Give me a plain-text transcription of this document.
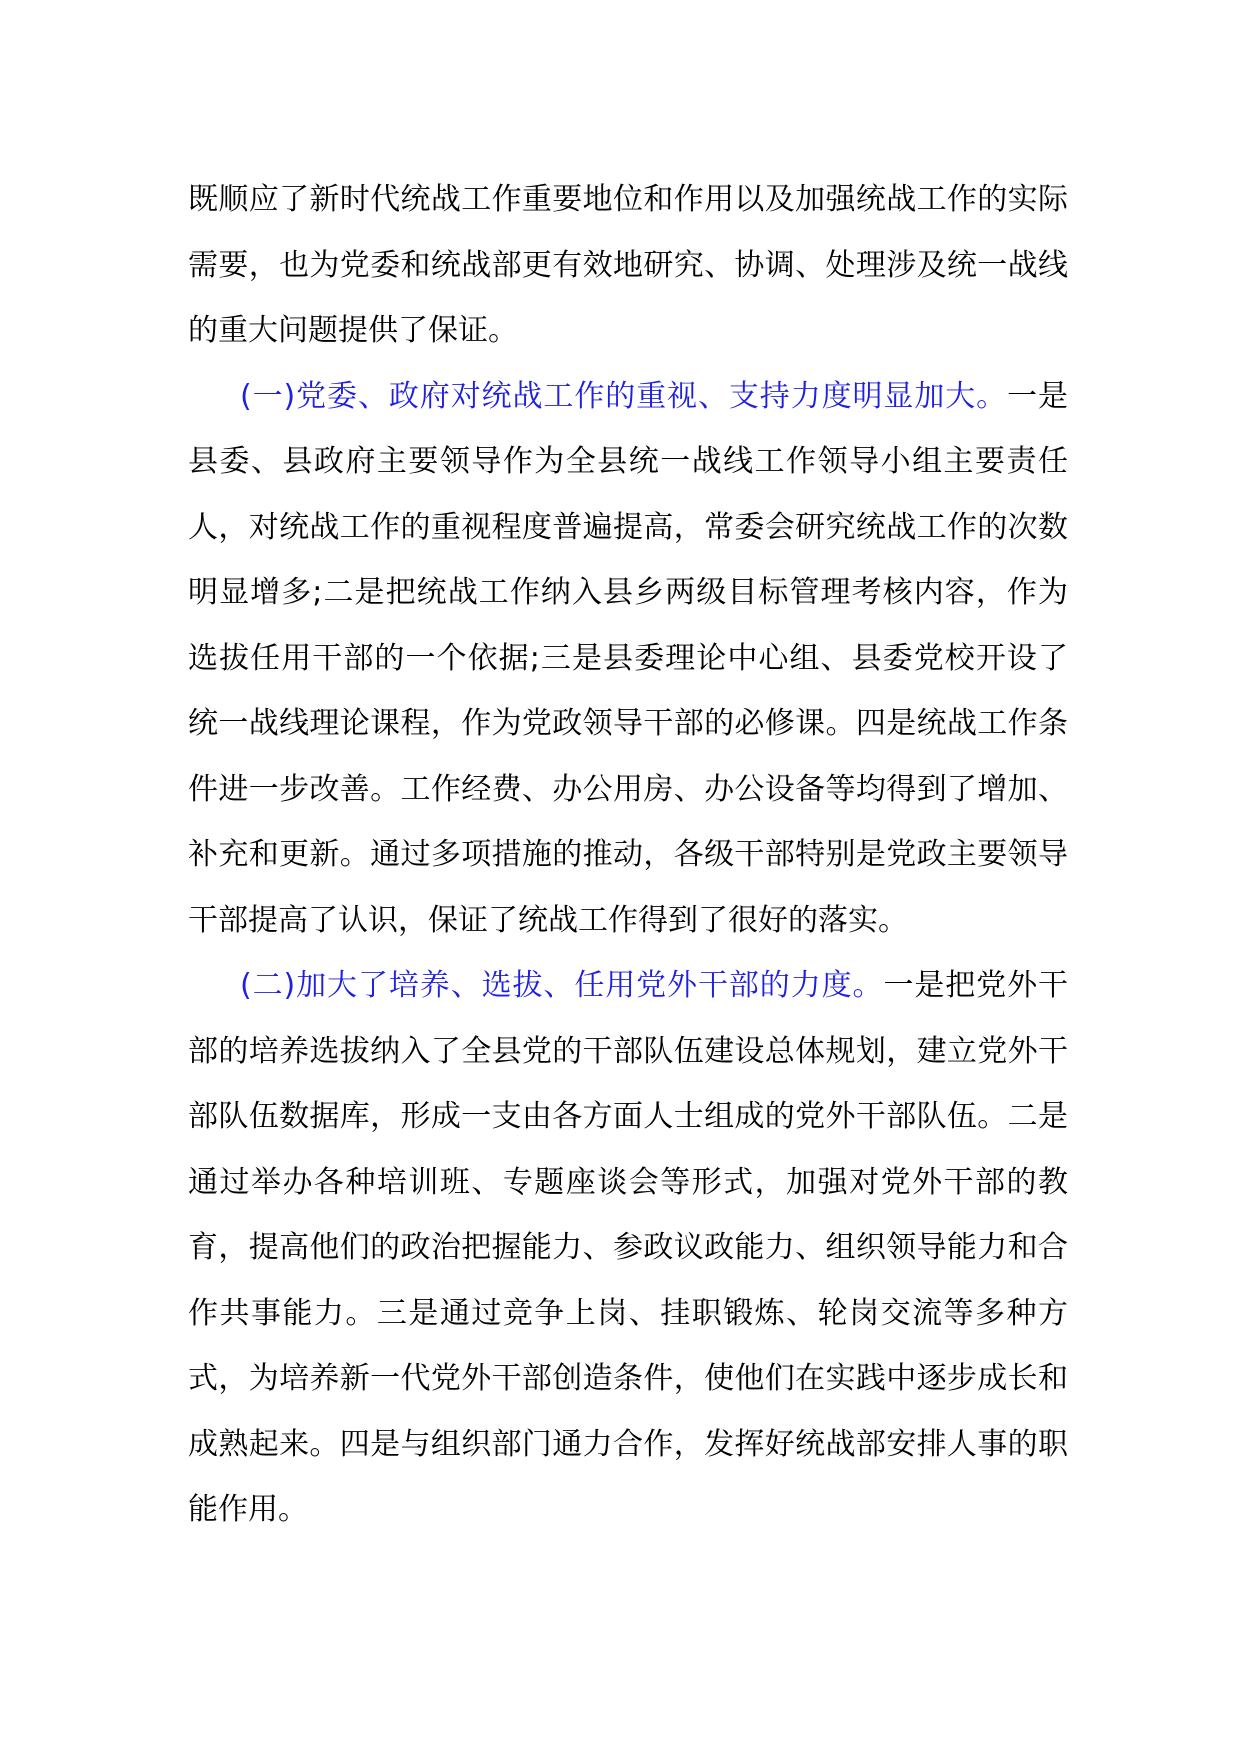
既顺应了新时代统战工作重要地位和作用以及加强统战工作的实际需要，也为党委和统战部更有效地研究、协调、处理涉及统一战线的重大问题提供了保证。

(一)党委、政府对统战工作的重视、支持力度明显加大。一是县委、县政府主要领导作为全县统一战线工作领导小组主要责任人，对统战工作的重视程度普遍提高，常委会研究统战工作的次数明显增多;二是把统战工作纳入县乡两级目标管理考核内容，作为选拔任用干部的一个依据;三是县委理论中心组、县委党校开设了统一战线理论课程，作为党政领导干部的必修课。四是统战工作条件进一步改善。工作经费、办公用房、办公设备等均得到了增加、补充和更新。通过多项措施的推动，各级干部特别是党政主要领导干部提高了认识，保证了统战工作得到了很好的落实。

(二)加大了培养、选拔、任用党外干部的力度。一是把党外干部的培养选拔纳入了全县党的干部队伍建设总体规划，建立党外干部队伍数据库，形成一支由各方面人士组成的党外干部队伍。二是通过举办各种培训班、专题座谈会等形式，加强对党外干部的教育，提高他们的政治把握能力、参政议政能力、组织领导能力和合作共事能力。三是通过竞争上岗、挂职锻炼、轮岗交流等多种方式，为培养新一代党外干部创造条件，使他们在实践中逐步成长和成熟起来。四是与组织部门通力合作，发挥好统战部安排人事的职能作用。
